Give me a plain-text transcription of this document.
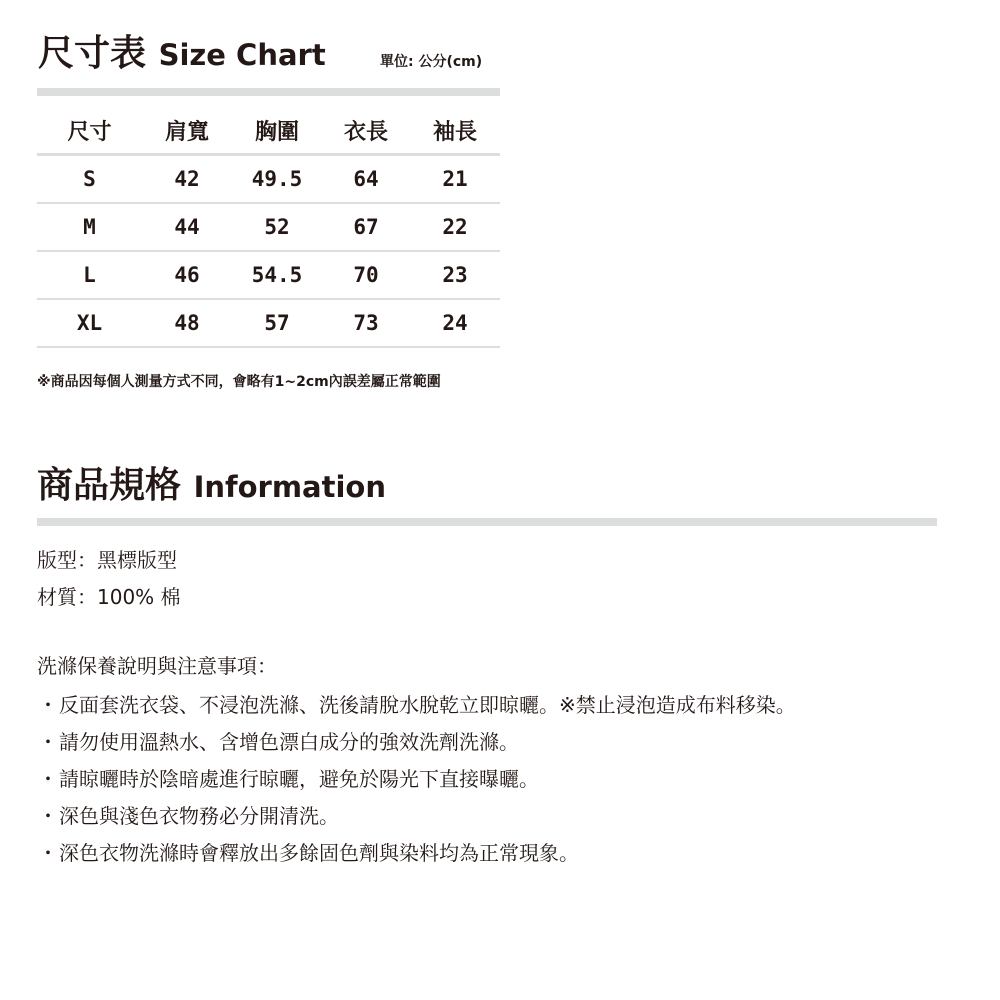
尺寸表 Size Chart	單位: 公分(cm)
尺寸	肩寬	胸圍	衣長	袖長
S	42	49.5	64	21
M	44	52	67	22
L	46	54.5	70	23
XL	48	57	73	24
※商品因每個人測量方式不同，會略有1~2cm內誤差屬正常範圍
商品規格 Information
版型：黑標版型
材質：100% 棉
洗滌保養說明與注意事項：
・反面套洗衣袋、不浸泡洗滌、洗後請脫水脫乾立即晾曬。※禁止浸泡造成布料移染。
・請勿使用溫熱水、含增色漂白成分的強效洗劑洗滌。
・請晾曬時於陰暗處進行晾曬，避免於陽光下直接曝曬。
・深色與淺色衣物務必分開清洗。
・深色衣物洗滌時會釋放出多餘固色劑與染料均為正常現象。
